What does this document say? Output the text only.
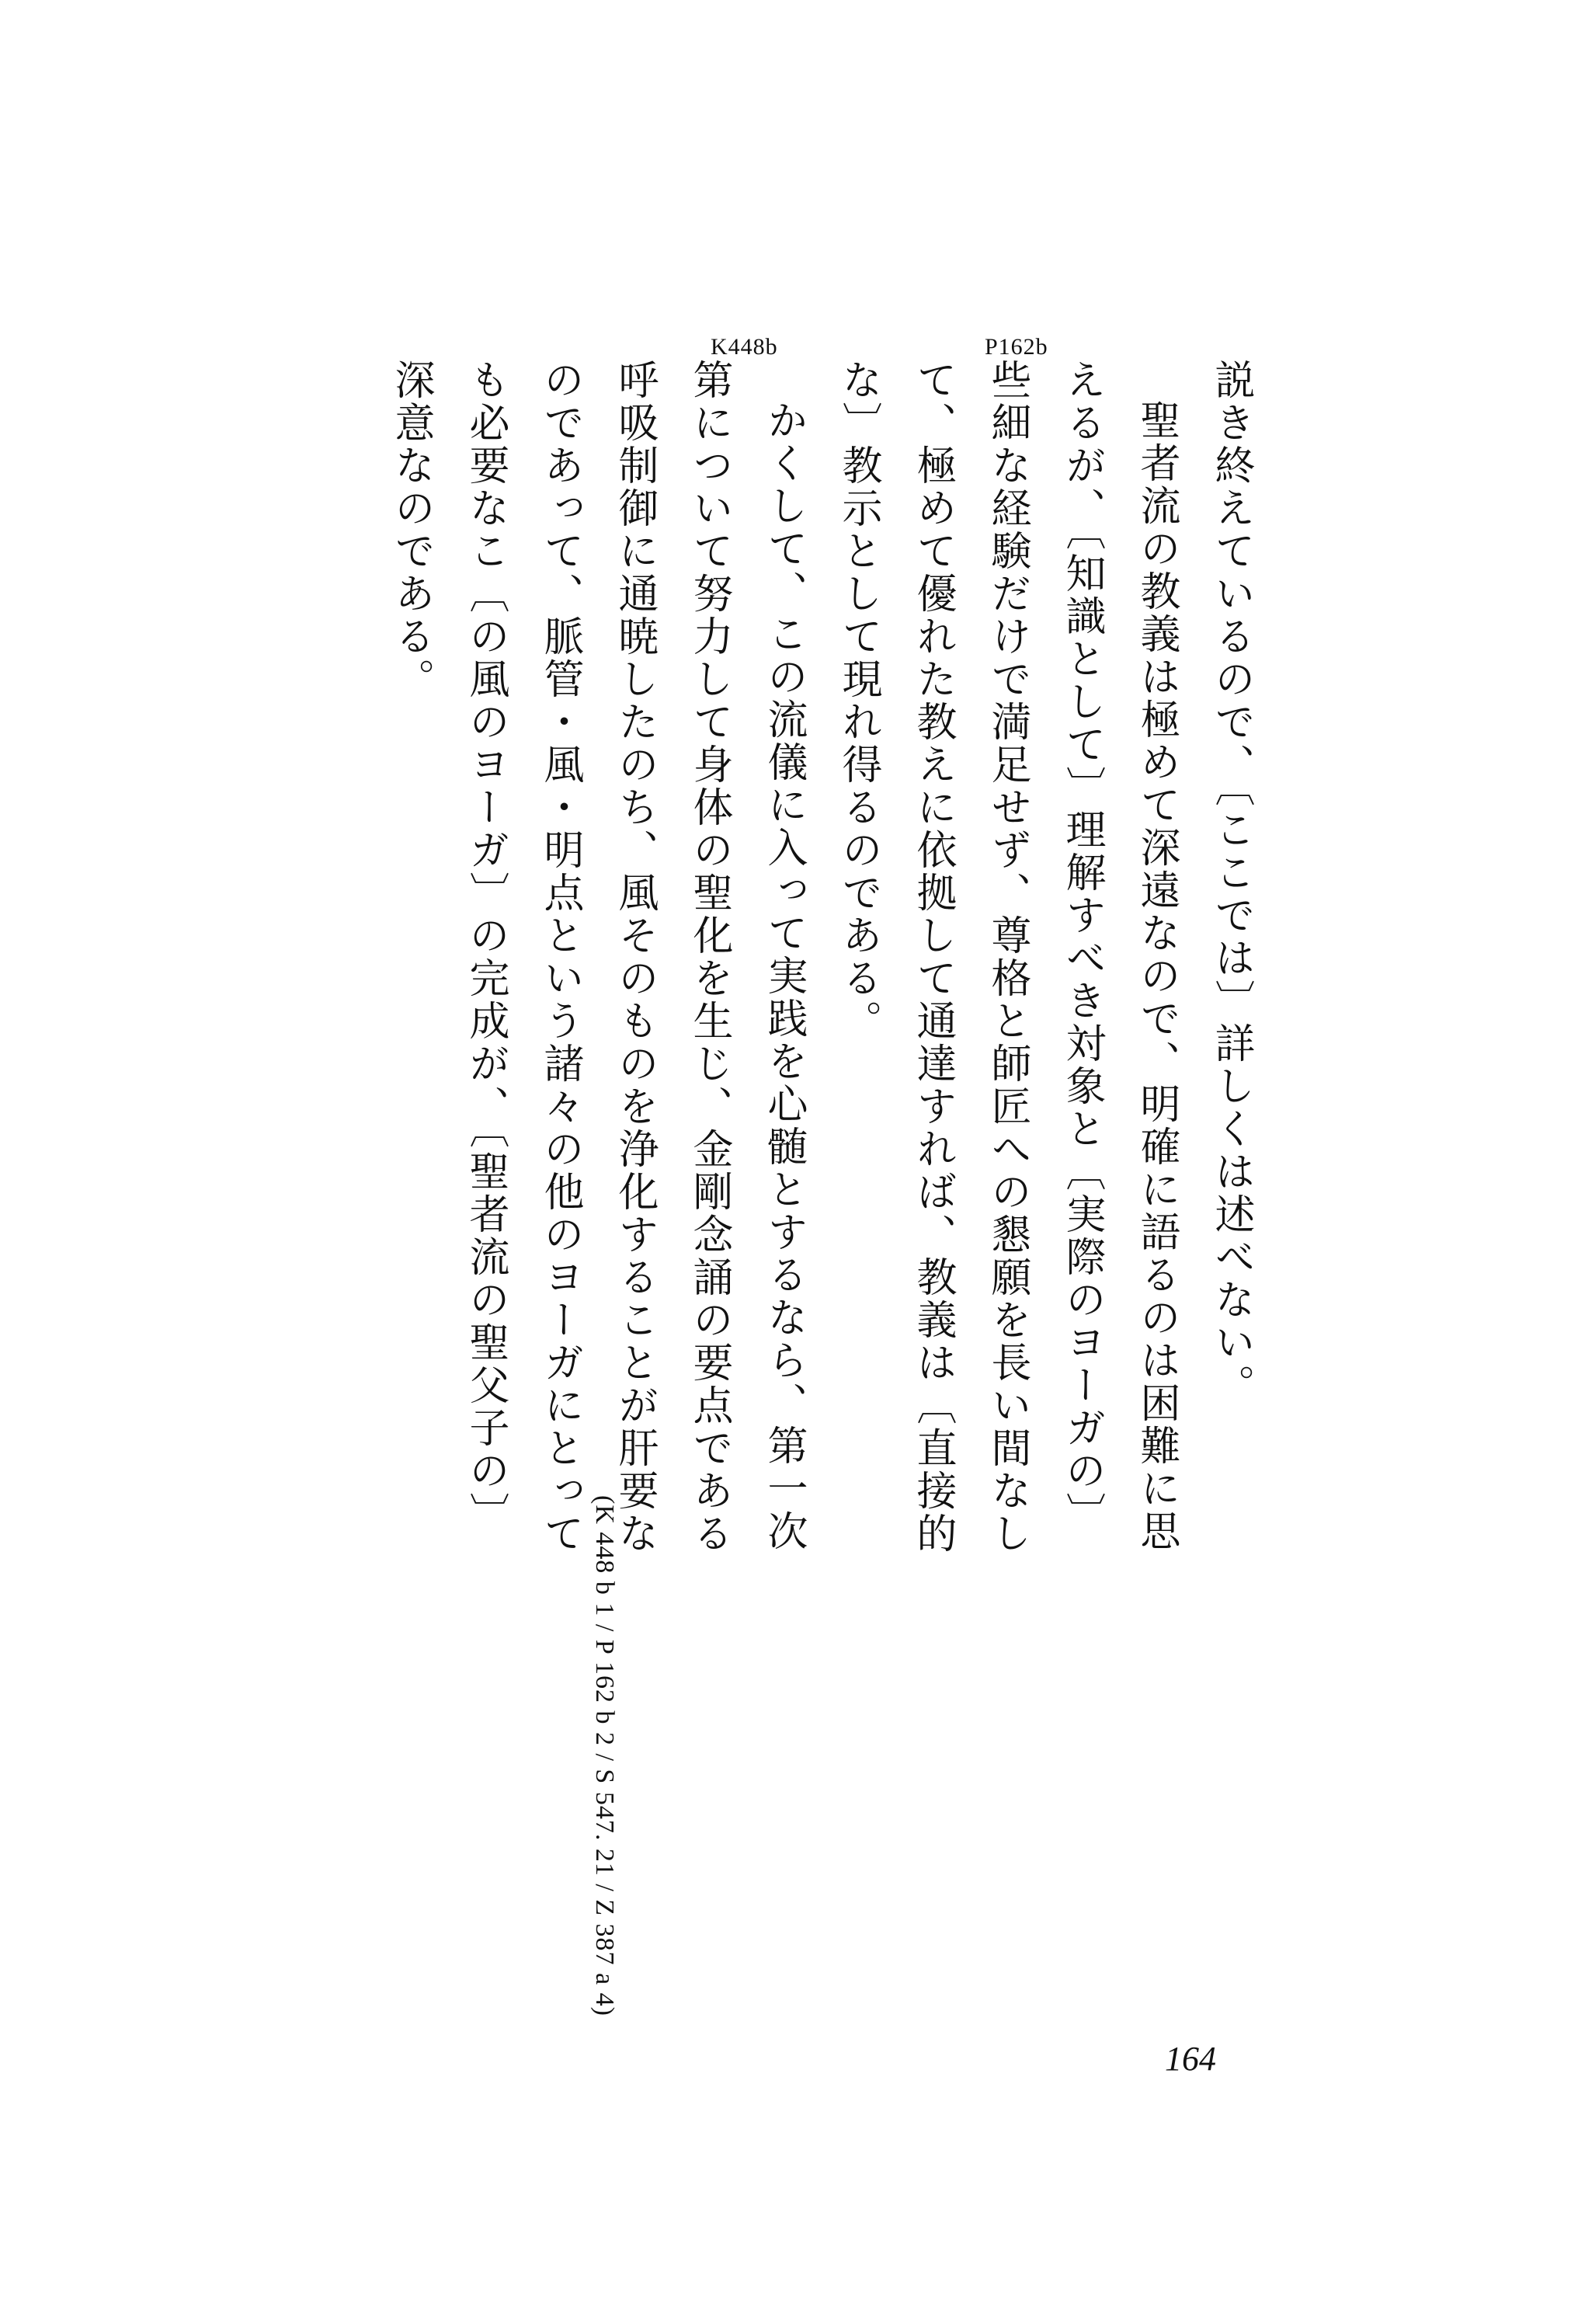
P162b
K448b

説き終えているので、〔ここでは〕詳しくは述べない。

聖者流の教義は極めて深遠なので、明確に語るのは困難に思えるが、〔知識として〕理解すべき対象と〔実際のヨーガの〕些細な経験だけで満足せず、尊格と師匠への懇願を長い間なして、極めて優れた教えに依拠して通達すれば、教義は〔直接的な〕教示として現れ得るのである。

かくして、この流儀に入って実践を心髄とするなら、第一次第について努力して身体の聖化を生じ、金剛念誦の要点である呼吸制御に通暁したのち、風そのものを浄化することが肝要なのであって、脈管・風・明点という諸々の他のヨーガにとっても必要なこ〔の風のヨーガ〕の完成が、〔聖者流の聖父子の〕深意なのである。

(K 448 b 1 / P 162 b 2 / S 547. 21 / Z 387 a 4)
164
